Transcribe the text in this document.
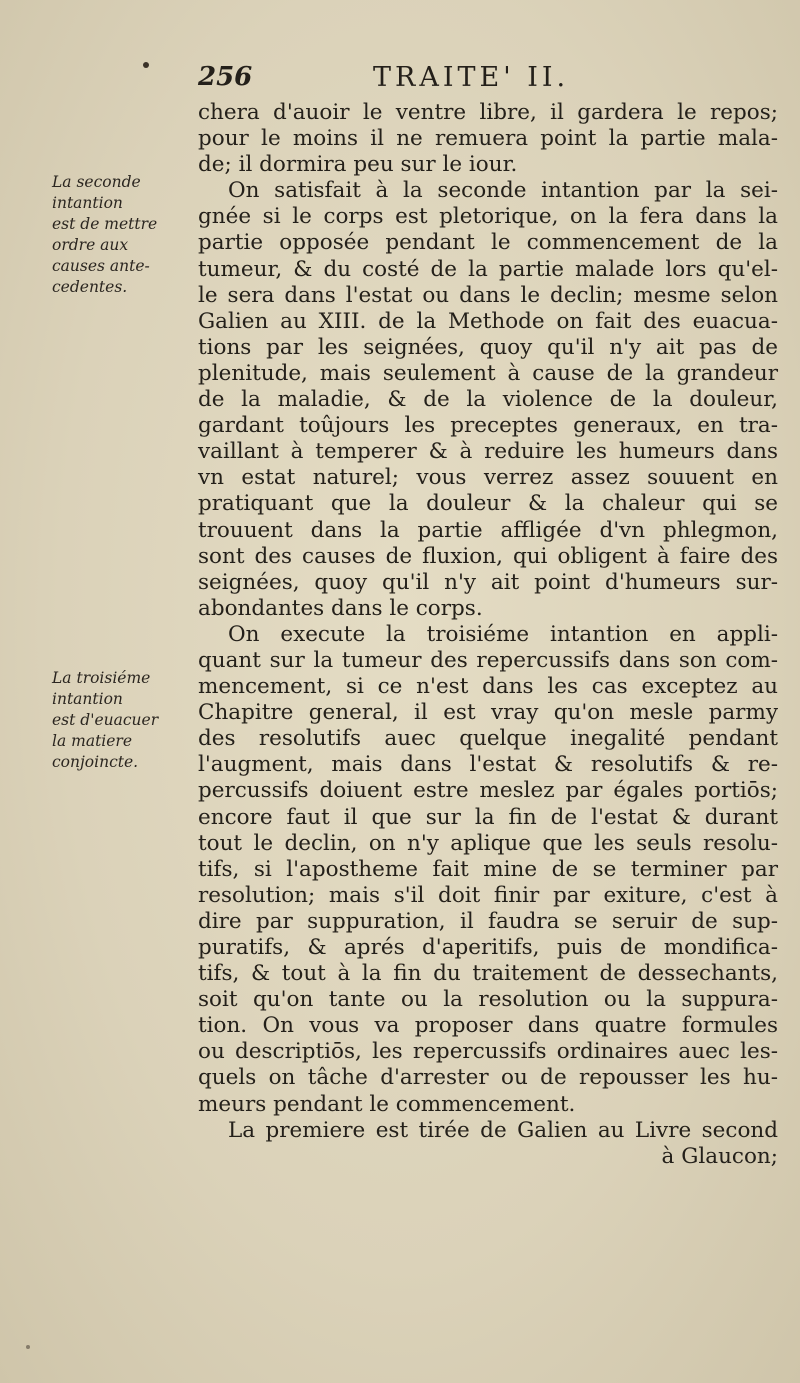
256	TRAITE' II.
La seconde
intantion
est de mettre
ordre aux
causes ante-
cedentes.
La troisiéme
intantion
est d'euacuer
la matiere
conjoincte.
chera d'auoir le ventre libre, il gardera le repos;
pour le moins il ne remuera point la partie mala-
de; il dormira peu sur le iour.
On satisfait à la seconde intantion par la sei-
gnée si le corps est pletorique, on la fera dans la
partie opposée pendant le commencement de la
tumeur, & du costé de la partie malade lors qu'el-
le sera dans l'estat ou dans le declin; mesme selon
Galien au XIII. de la Methode on fait des euacua-
tions par les seignées, quoy qu'il n'y ait pas de
plenitude, mais seulement à cause de la grandeur
de la maladie, & de la violence de la douleur,
gardant toûjours les preceptes generaux, en tra-
vaillant à temperer & à reduire les humeurs dans
vn estat naturel; vous verrez assez souuent en
pratiquant que la douleur & la chaleur qui se
trouuent dans la partie affligée d'vn phlegmon,
sont des causes de fluxion, qui obligent à faire des
seignées, quoy qu'il n'y ait point d'humeurs sur-
abondantes dans le corps.
On execute la troisiéme intantion en appli-
quant sur la tumeur des repercussifs dans son com-
mencement, si ce n'est dans les cas exceptez au
Chapitre general, il est vray qu'on mesle parmy
des resolutifs auec quelque inegalité pendant
l'augment, mais dans l'estat & resolutifs & re-
percussifs doiuent estre meslez par égales portiōs;
encore faut il que sur la fin de l'estat & durant
tout le declin, on n'y aplique que les seuls resolu-
tifs, si l'apostheme fait mine de se terminer par
resolution; mais s'il doit finir par exiture, c'est à
dire par suppuration, il faudra se seruir de sup-
puratifs, & aprés d'aperitifs, puis de mondifica-
tifs, & tout à la fin du traitement de dessechants,
soit qu'on tante ou la resolution ou la suppura-
tion. On vous va proposer dans quatre formules
ou descriptiōs, les repercussifs ordinaires auec les-
quels on tâche d'arrester ou de repousser les hu-
meurs pendant le commencement.
La premiere est tirée de Galien au Livre second
à Glaucon;
